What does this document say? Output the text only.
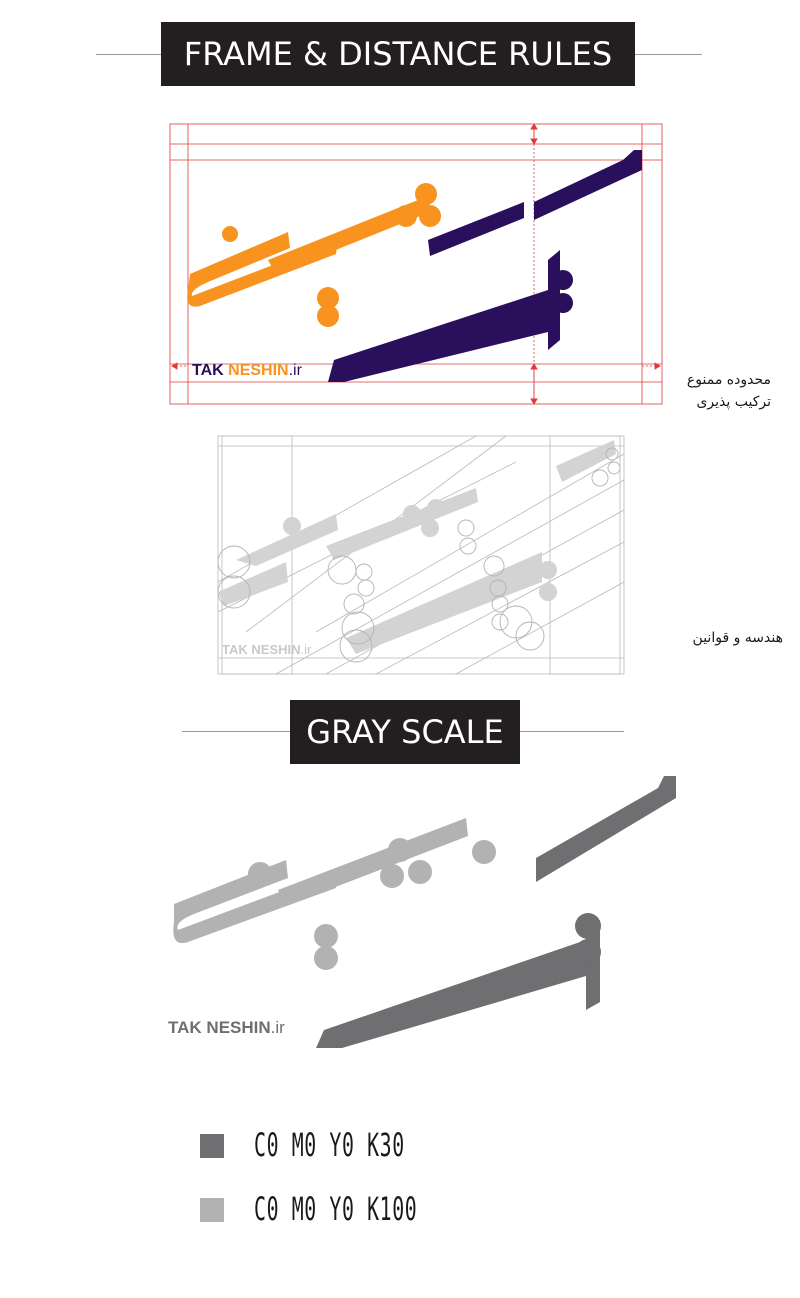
FRAME & DISTANCE RULES
TAK NESHIN.ir
محدوده ممنوع
ترکیب پذیری
TAK NESHIN.ir
هندسه و قوانین
GRAY SCALE
TAK NESHIN.ir
C0 M0 Y0 K30
C0 M0 Y0 K100
